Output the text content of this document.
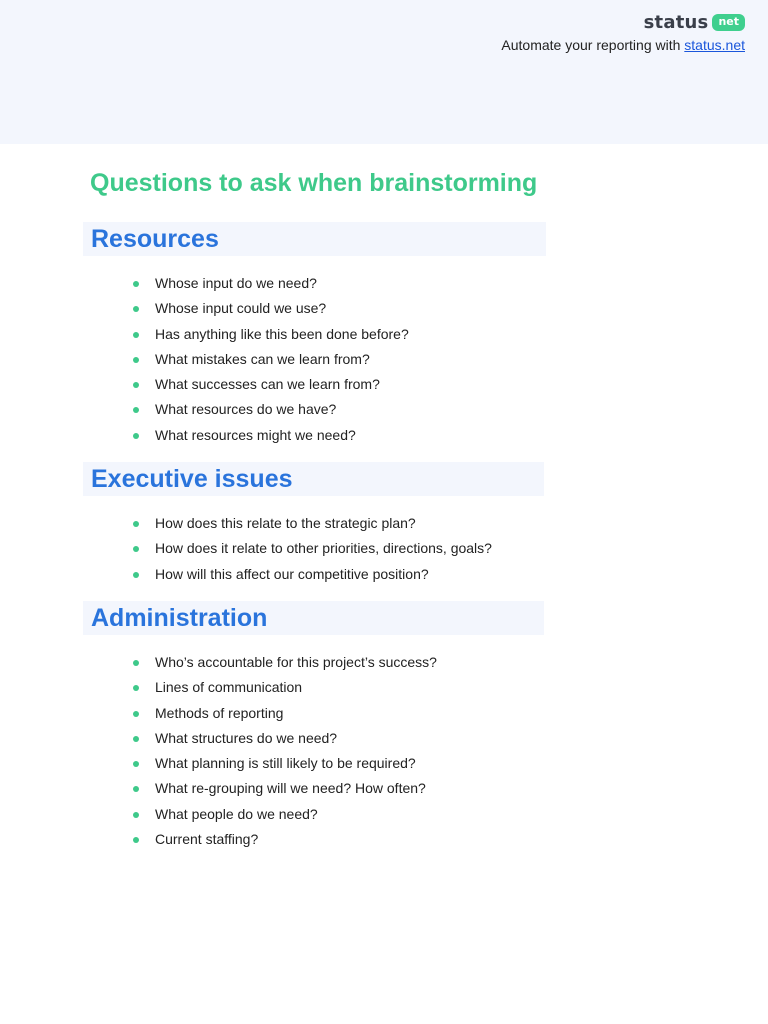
status net
Automate your reporting with status.net
Questions to ask when brainstorming
Resources
Whose input do we need?
Whose input could we use?
Has anything like this been done before?
What mistakes can we learn from?
What successes can we learn from?
What resources do we have?
What resources might we need?
Executive issues
How does this relate to the strategic plan?
How does it relate to other priorities, directions, goals?
How will this affect our competitive position?
Administration
Who’s accountable for this project’s success?
Lines of communication
Methods of reporting
What structures do we need?
What planning is still likely to be required?
What re-grouping will we need? How often?
What people do we need?
Current staffing?
